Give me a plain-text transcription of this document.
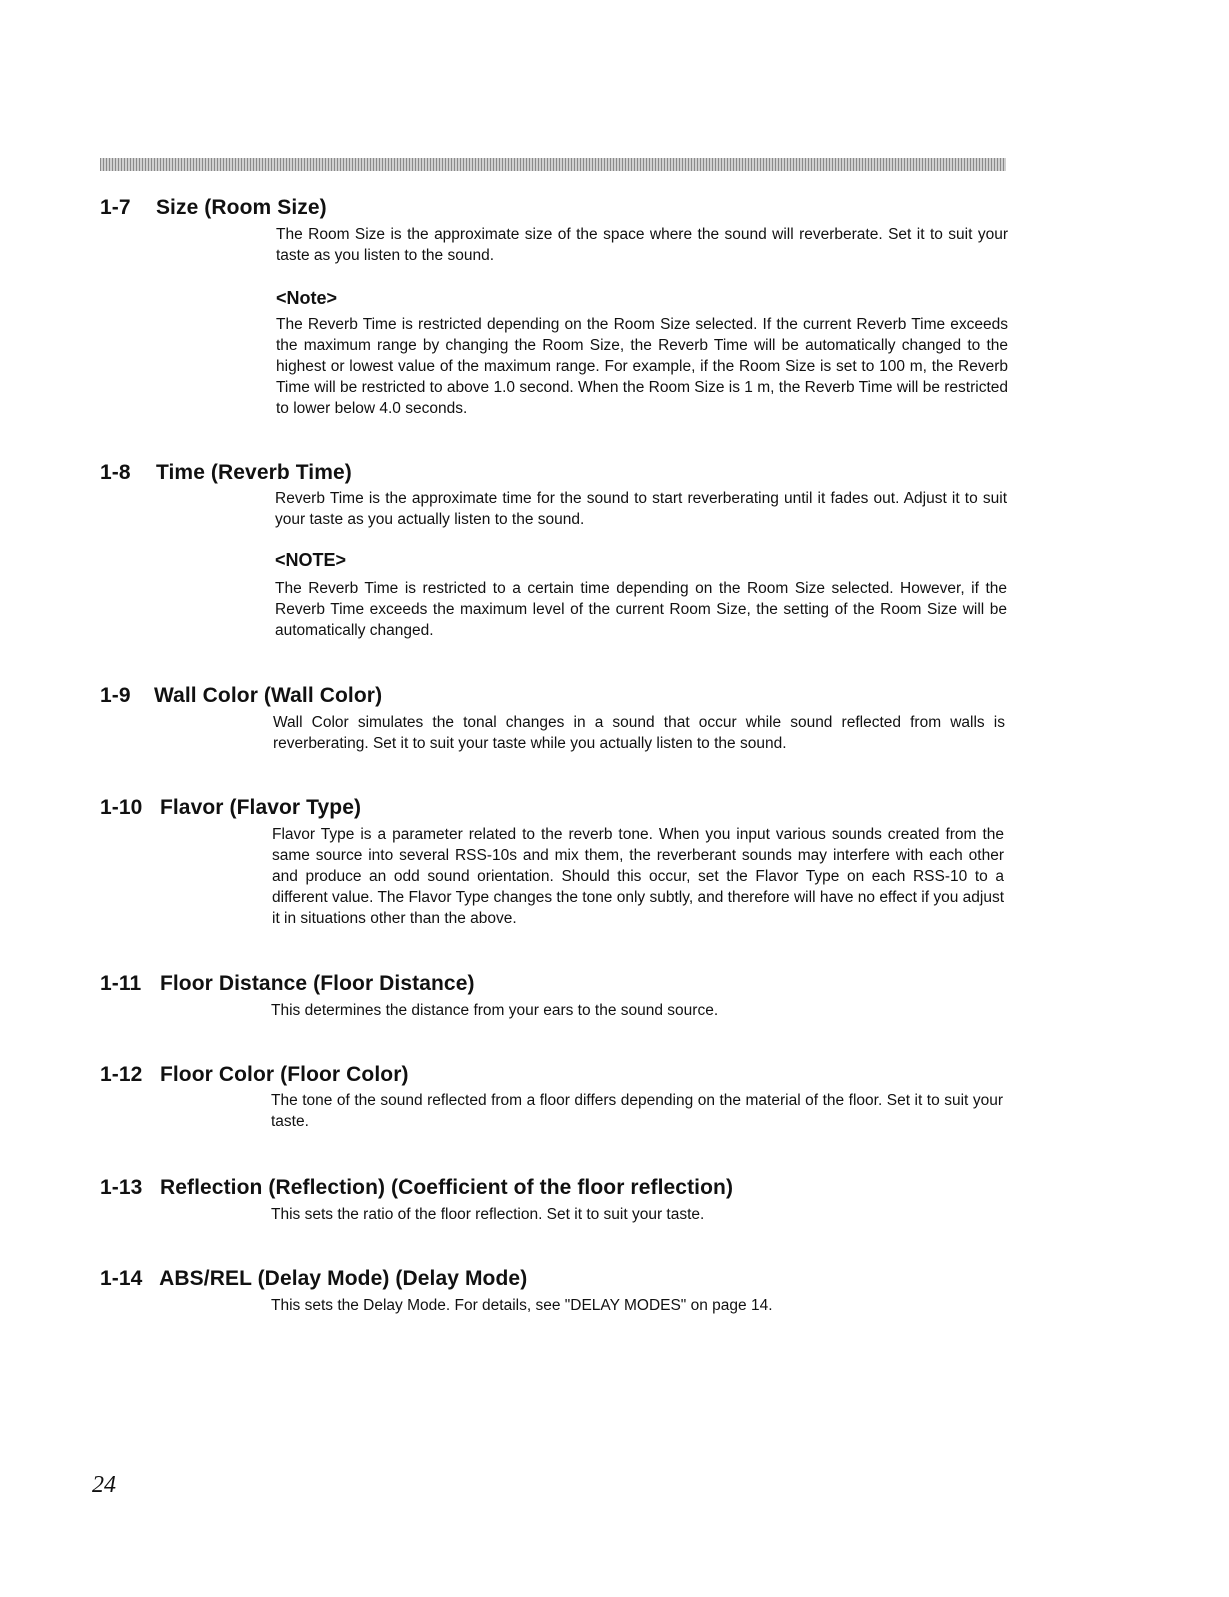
1-7 Size (Room Size)

The Room Size is the approximate size of the space where the sound will reverberate. Set it to suit your taste as you listen to the sound.

<Note>

The Reverb Time is restricted depending on the Room Size selected. If the current Reverb Time exceeds the maximum range by changing the Room Size, the Reverb Time will be automatically changed to the highest or lowest value of the maximum range. For example, if the Room Size is set to 100 m, the Reverb Time will be restricted to above 1.0 second. When the Room Size is 1 m, the Reverb Time will be restricted to lower below 4.0 seconds.

1-8 Time (Reverb Time)

Reverb Time is the approximate time for the sound to start reverberating until it fades out. Adjust it to suit your taste as you actually listen to the sound.

<NOTE>

The Reverb Time is restricted to a certain time depending on the Room Size selected. However, if the Reverb Time exceeds the maximum level of the current Room Size, the setting of the Room Size will be automatically changed.

1-9 Wall Color (Wall Color)

Wall Color simulates the tonal changes in a sound that occur while sound reflected from walls is reverberating. Set it to suit your taste while you actually listen to the sound.

1-10 Flavor (Flavor Type)

Flavor Type is a parameter related to the reverb tone. When you input various sounds created from the same source into several RSS-10s and mix them, the reverberant sounds may interfere with each other and produce an odd sound orientation. Should this occur, set the Flavor Type on each RSS-10 to a different value. The Flavor Type changes the tone only subtly, and therefore will have no effect if you adjust it in situations other than the above.

1-11 Floor Distance (Floor Distance)

This determines the distance from your ears to the sound source.

1-12 Floor Color (Floor Color)

The tone of the sound reflected from a floor differs depending on the material of the floor. Set it to suit your taste.

1-13 Reflection (Reflection) (Coefficient of the floor reflection)

This sets the ratio of the floor reflection. Set it to suit your taste.

1-14 ABS/REL (Delay Mode) (Delay Mode)

This sets the Delay Mode. For details, see "DELAY MODES" on page 14.

24
